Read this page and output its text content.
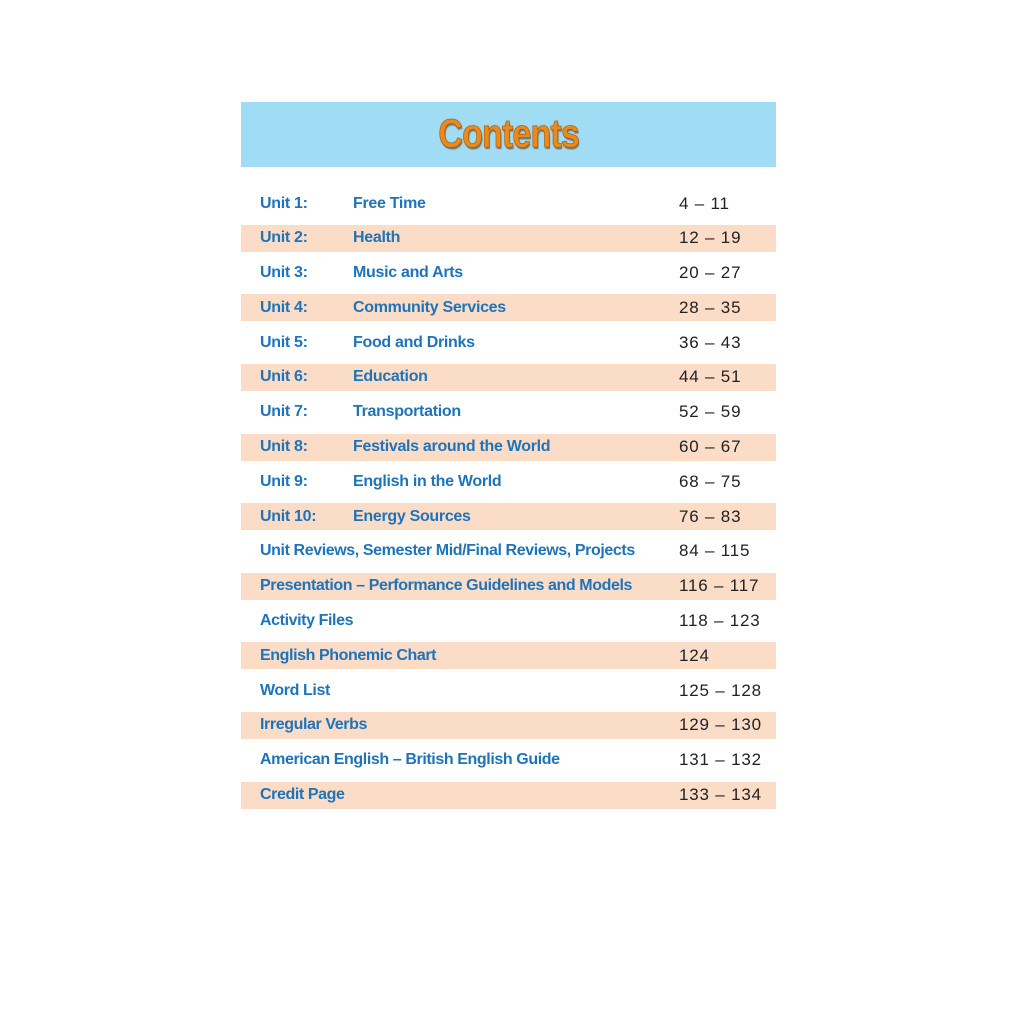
Contents
Unit 1:	Free Time	4 – 11
Unit 2:	Health	12 – 19
Unit 3:	Music and Arts	20 – 27
Unit 4:	Community Services	28 – 35
Unit 5:	Food and Drinks	36 – 43
Unit 6:	Education	44 – 51
Unit 7:	Transportation	52 – 59
Unit 8:	Festivals around the World	60 – 67
Unit 9:	English in the World	68 – 75
Unit 10: Energy Sources	76 – 83
Unit Reviews, Semester Mid/Final Reviews, Projects	84 – 115
Presentation – Performance Guidelines and Models	116 – 117
Activity Files	118 – 123
English Phonemic Chart	124
Word List	125 – 128
Irregular Verbs	129 – 130
American English – British English Guide	131 – 132
Credit Page	133 – 134
